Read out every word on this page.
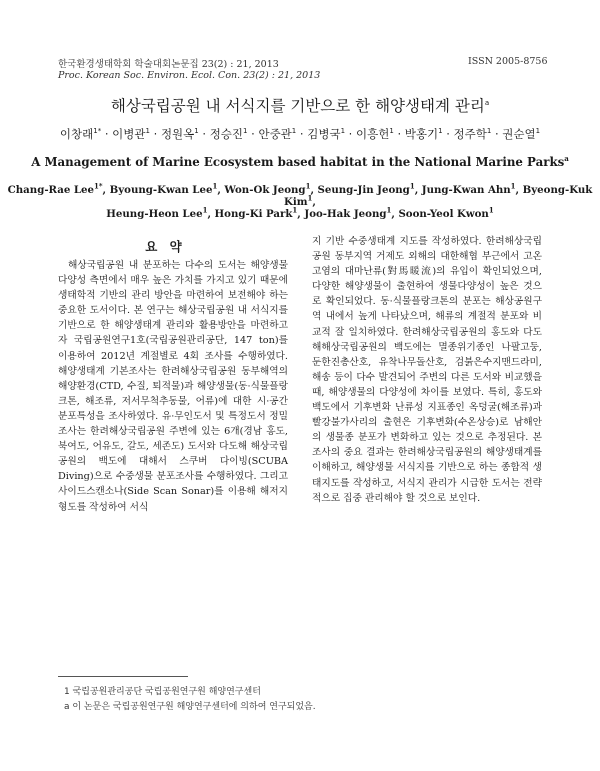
한국환경생태학회 학술대회논문집 23(2) : 21, 2013
Proc. Korean Soc. Environ. Ecol. Con. 23(2) : 21, 2013
ISSN 2005-8756
해상국립공원 내 서식지를 기반으로 한 해양생태계 관리$^a$
이창래$^{1*}$ · 이병관$^1$ · 정원옥$^1$ · 정승진$^1$ · 안중관$^1$ · 김병국$^1$ · 이흥헌$^1$ · 박홍기$^1$ · 정주학$^1$ · 권순열$^1$
A Management of Marine Ecosystem based habitat in the National Marine Parks$^a$
Chang-Rae Lee$^{1*}$, Byoung-Kwan Lee$^1$, Won-Ok Jeong$^1$, Seung-Jin Jeong$^1$, Jung-Kwan Ahn$^1$, Byeong-Kuk Kim$^1$,
Heung-Heon Lee$^1$, Hong-Ki Park$^1$, Joo-Hak Jeong$^1$, Soon-Yeol Kwon$^1$
요 약
해상국립공원 내 분포하는 다수의 도서는 해양생물다양성 측면에서 매우 높은 가치를 가지고 있기 때문에 생태학적 기반의 관리 방안을 마련하여 보전해야 하는 중요한 도서이다. 본 연구는 해상국립공원 내 서식지를 기반으로 한 해양생태계 관리와 활용방안을 마련하고자 국립공원연구1호(국립공원관리공단, 147 ton)를 이용하여 2012년 계절별로 4회 조사를 수행하였다. 해양생태계 기본조사는 한려해상국립공원 동부해역의 해양환경(CTD, 수질, 퇴적물)과 해양생물(동·식물플랑크톤, 해조류, 저서무척추동물, 어류)에 대한 시·공간 분포특성을 조사하였다. 유·무인도서 및 특정도서 정밀 조사는 한려해상국립공원 주변에 있는 6개(경남 홍도, 북여도, 어유도, 갈도, 세존도) 도서와 다도해 해상국립공원의 백도에 대해서 스쿠버 다이빙(SCUBA Diving)으로 수중생물 분포조사를 수행하였다. 그리고 사이드스캔소나(Side Scan Sonar)를 이용해 해저지형도를 작성하여 서식
지 기반 수중생태계 지도를 작성하였다. 한려해상국립공원 동부지역 거제도 외해의 대한해협 부근에서 고온고염의 대마난류(對馬暖流)의 유입이 확인되었으며, 다양한 해양생물이 출현하여 생물다양성이 높은 것으로 확인되었다. 동·식물플랑크톤의 분포는 해상공원구역 내에서 높게 나타났으며, 해류의 계절적 분포와 비교적 잘 일치하였다. 한려해상국립공원의 홍도와 다도해해상국립공원의 백도에는 멸종위기종인 나팔고둥, 둔한진총산호, 유착나무돌산호, 검붉은수지맨드라미, 해송 등이 다수 발견되어 주변의 다른 도서와 비교했을 때, 해양생물의 다양성에 차이를 보였다. 특히, 홍도와 백도에서 기후변화 난류성 지표종인 옥덩굴(해조류)과 빨강불가사리의 출현은 기후변화(수온상승)로 남해안의 생물종 분포가 변화하고 있는 것으로 추정된다. 본 조사의 중요 결과는 한려해상국립공원의 해양생태계를 이해하고, 해양생물 서식지를 기반으로 하는 종합적 생태지도를 작성하고, 서식지 관리가 시급한 도서는 전략적으로 집중 관리해야 할 것으로 보인다.
1 국립공원관리공단 국립공원연구원 해양연구센터
a 이 논문은 국립공원연구원 해양연구센터에 의하여 연구되었음.
